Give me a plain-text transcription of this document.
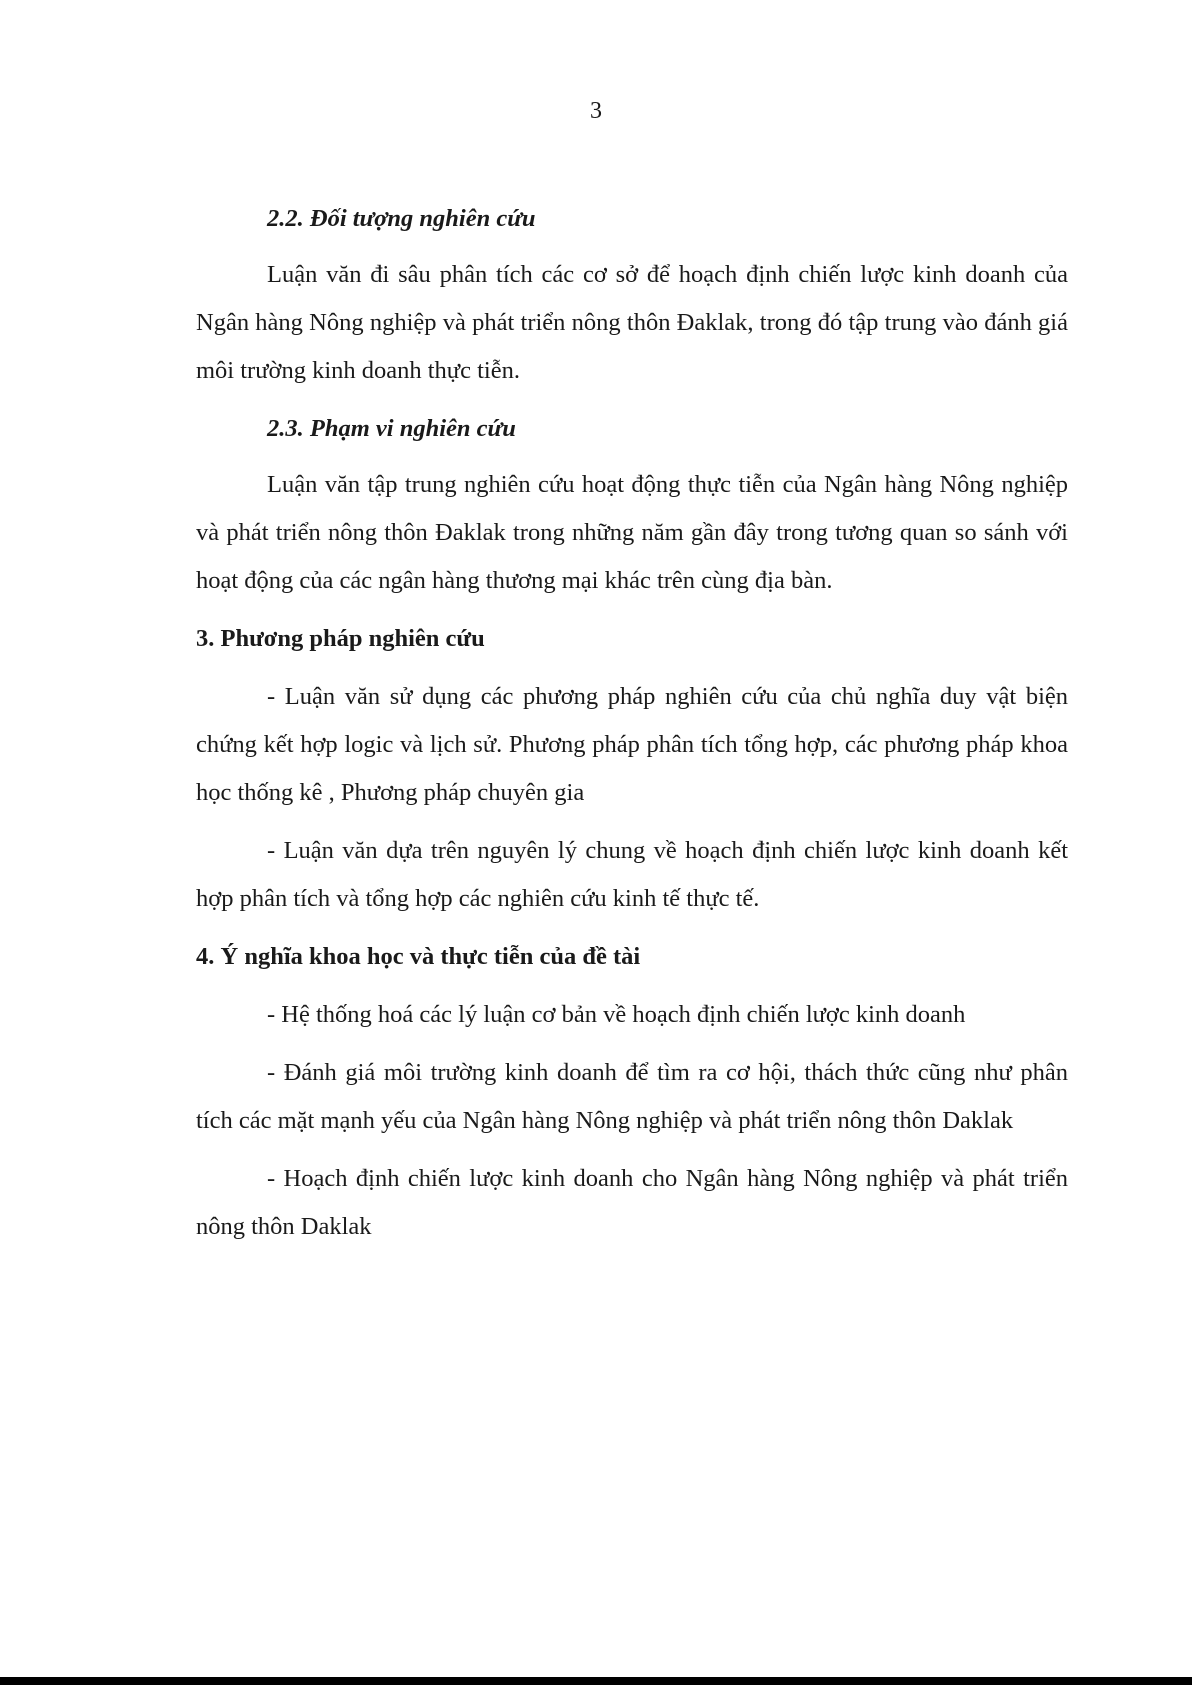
3
2.2. Đối tượng nghiên cứu

Luận văn đi sâu phân tích các cơ sở để hoạch định chiến lược kinh doanh của Ngân hàng Nông nghiệp và phát triển nông thôn Đaklak, trong đó tập trung vào đánh giá môi trường kinh doanh thực tiễn.

2.3. Phạm vi nghiên cứu

Luận văn tập trung nghiên cứu hoạt động thực tiễn của Ngân hàng Nông nghiệp và phát triển nông thôn Đaklak trong những năm gần đây trong tương quan so sánh với hoạt động của các ngân hàng thương mại khác trên cùng địa bàn.

3. Phương pháp nghiên cứu

- Luận văn sử dụng các phương pháp nghiên cứu của chủ nghĩa duy vật biện chứng kết hợp logic và lịch sử. Phương pháp phân tích tổng hợp, các phương pháp khoa học thống kê , Phương pháp chuyên gia

- Luận văn dựa trên nguyên lý chung về hoạch định chiến lược kinh doanh kết hợp phân tích và tổng hợp các nghiên cứu kinh tế thực tế.

4. Ý nghĩa khoa học và thực tiễn của đề tài

- Hệ thống hoá các lý luận cơ bản về hoạch định chiến lược kinh doanh

- Đánh giá môi trường kinh doanh để tìm ra cơ hội, thách thức cũng như phân tích các mặt mạnh yếu của Ngân hàng Nông nghiệp và phát triển nông thôn Daklak

- Hoạch định chiến lược kinh doanh cho Ngân hàng Nông nghiệp và phát triển nông thôn Daklak
